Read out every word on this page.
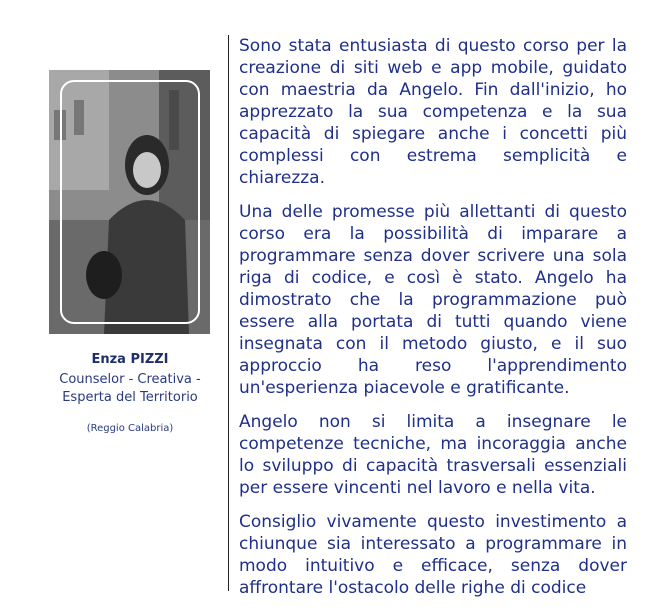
Enza PIZZI
Counselor - Creativa -
Esperta del Territorio
(Reggio Calabria)

Sono stata entusiasta di questo corso per la creazione di siti web e app mobile, guidato con maestria da Angelo. Fin dall'inizio, ho apprezzato la sua competenza e la sua capacità di spiegare anche i concetti più complessi con estrema semplicità e chiarezza.

Una delle promesse più allettanti di questo corso era la possibilità di imparare a programmare senza dover scrivere una sola riga di codice, e così è stato. Angelo ha dimostrato che la programmazione può essere alla portata di tutti quando viene insegnata con il metodo giusto, e il suo approccio ha reso l'apprendimento un'esperienza piacevole e gratificante.

Angelo non si limita a insegnare le competenze tecniche, ma incoraggia anche lo sviluppo di capacità trasversali essenziali per essere vincenti nel lavoro e nella vita.

Consiglio vivamente questo investimento a chiunque sia interessato a programmare in modo intuitivo e efficace, senza dover affrontare l'ostacolo delle righe di codice
